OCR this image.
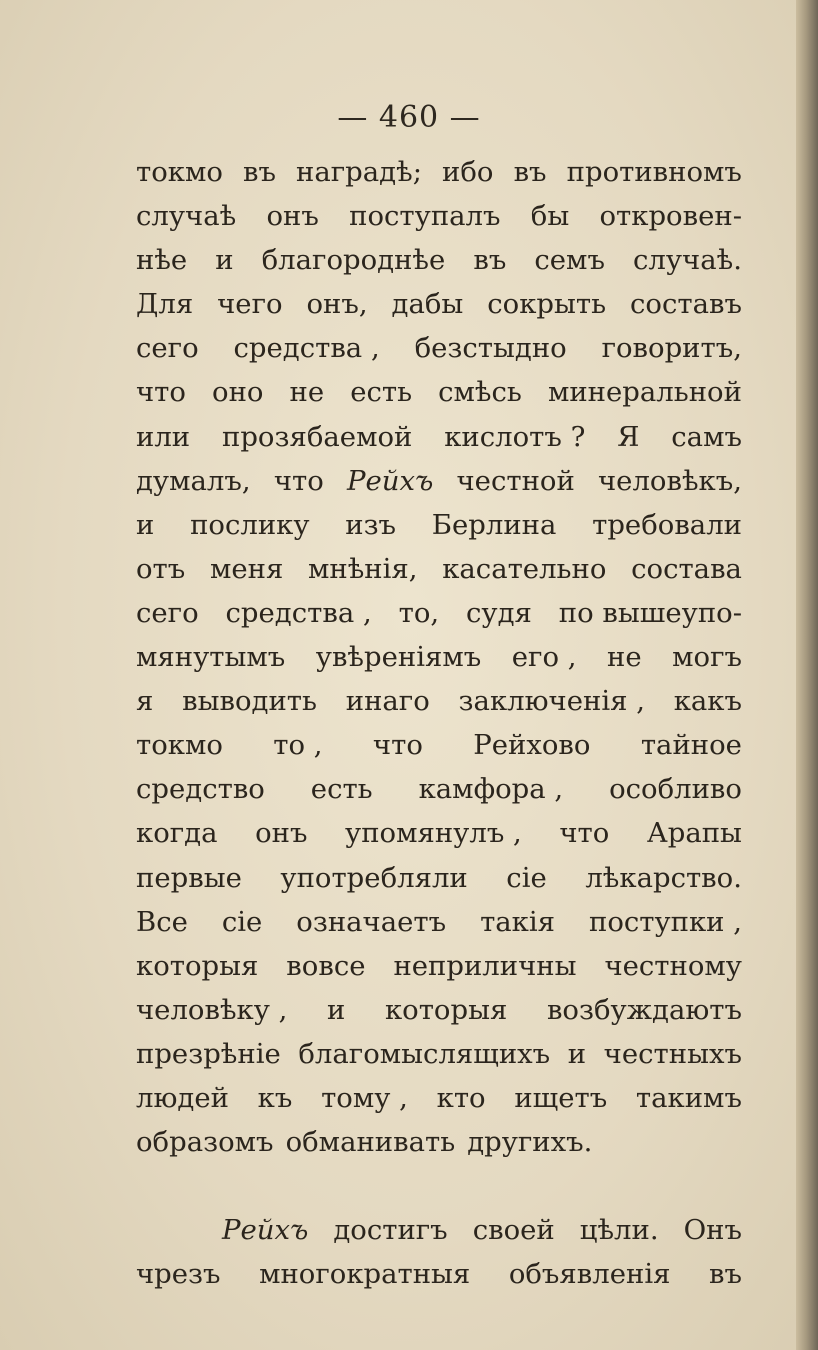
— 460 —
токмо въ наградѣ; ибо въ противномъ
случаѣ онъ поступалъ бы откровен-
нѣе и благороднѣе въ семъ случаѣ.
Для чего онъ, дабы сокрыть составъ
сего средства , безстыдно говоритъ,
что оно не есть смѣсь минеральной
или прозябаемой кислотъ ? Я самъ
думалъ, что Рейхъ честной человѣкъ,
и послику изъ Берлина требовали
отъ меня мнѣнія, касательно состава
сего средства , то, судя по вышеупо-
мянутымъ увѣреніямъ его , не могъ
я выводить инаго заключенія , какъ
токмо то , что Рейхово тайное
средство есть камфора , особливо
когда онъ упомянулъ , что Арапы
первые употребляли сіе лѣкарство.
Все сіе означаетъ такія поступки ,
которыя вовсе неприличны честному
человѣку , и которыя возбуждаютъ
презрѣніе благомыслящихъ и честныхъ
людей къ тому , кто ищетъ такимъ
образомъ обманивать другихъ.
Рейхъ достигъ своей цѣли. Онъ
чрезъ многократныя объявленія въ
